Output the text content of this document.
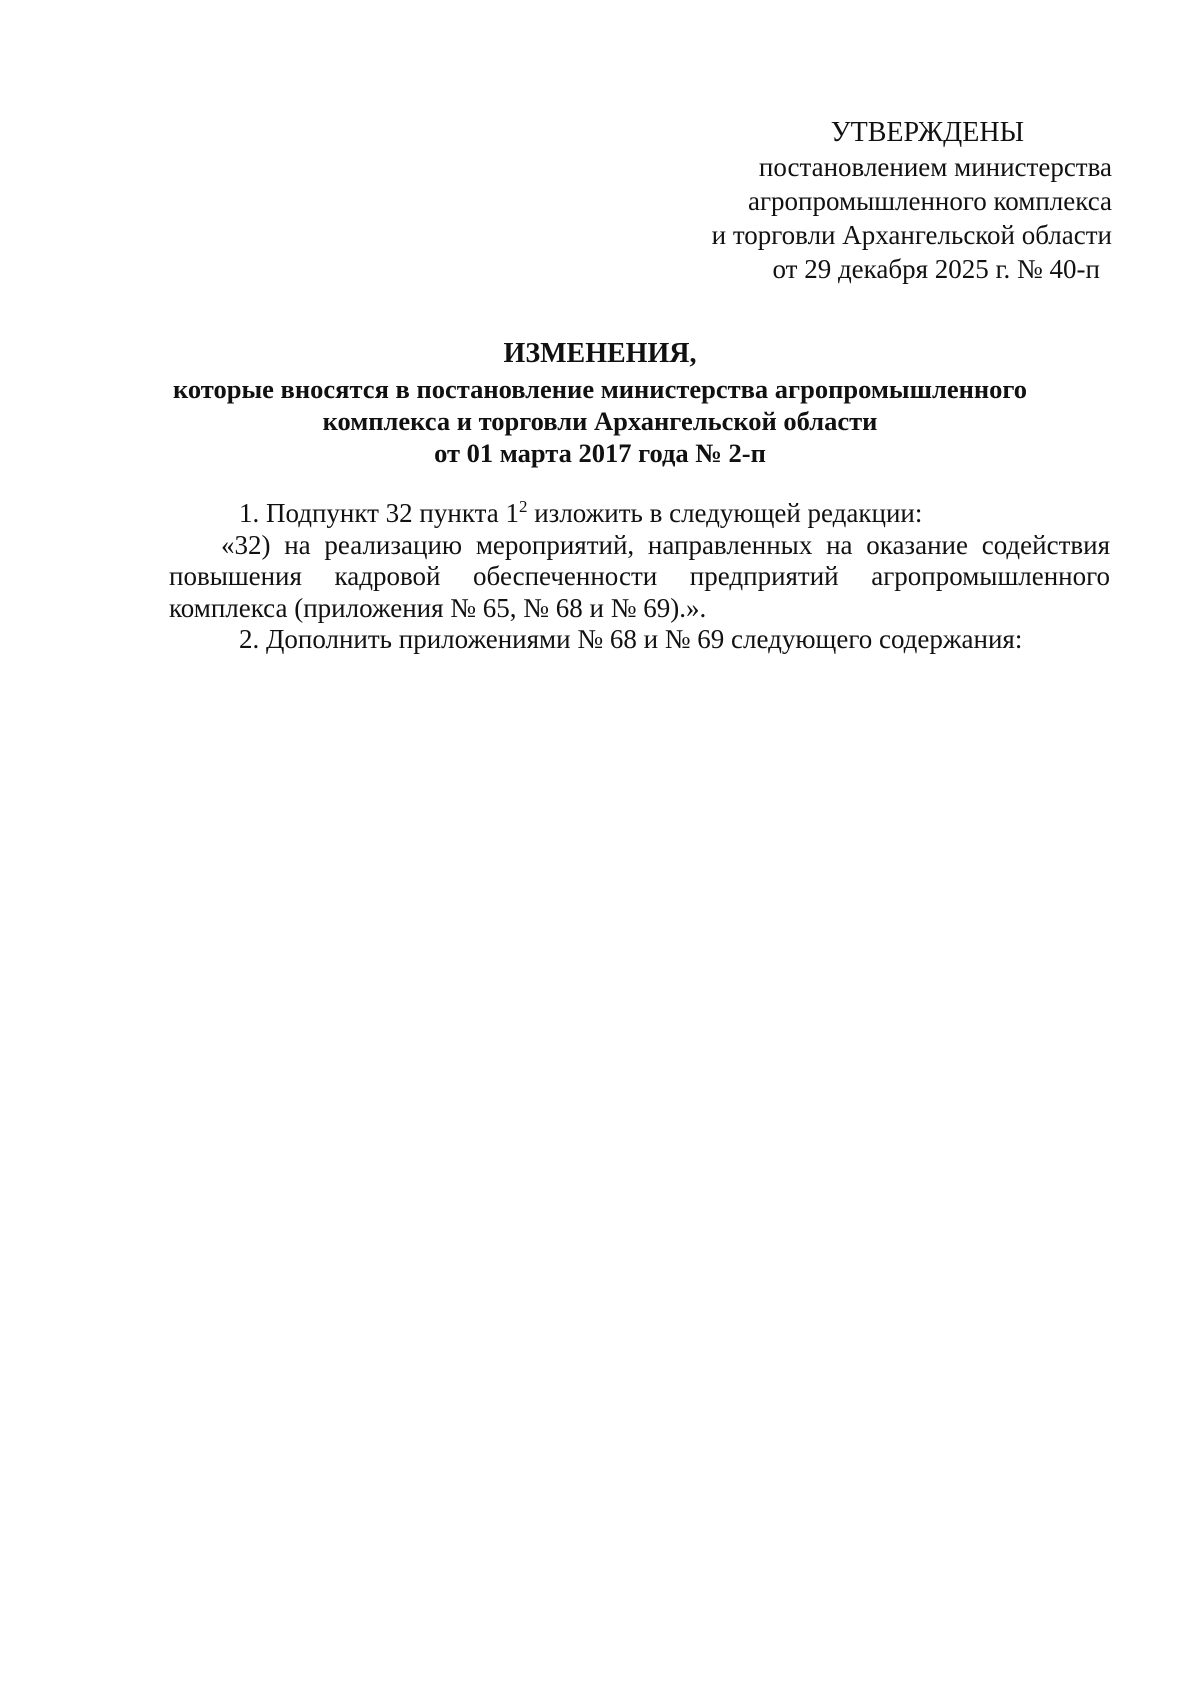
УТВЕРЖДЕНЫ
постановлением министерства
агропромышленного комплекса
и торговли Архангельской области
от 29 декабря 2025 г. № 40-п
ИЗМЕНЕНИЯ,
которые вносятся в постановление министерства агропромышленного
комплекса и торговли Архангельской области
от 01 марта 2017 года № 2-п

1. Подпункт 32 пункта $1^2$ изложить в следующей редакции:

«32) на реализацию мероприятий, направленных на оказание содействия повышения кадровой обеспеченности предприятий агропромышленного комплекса (приложения № 65, № 68 и № 69).».

2. Дополнить приложениями № 68 и № 69 следующего содержания:
